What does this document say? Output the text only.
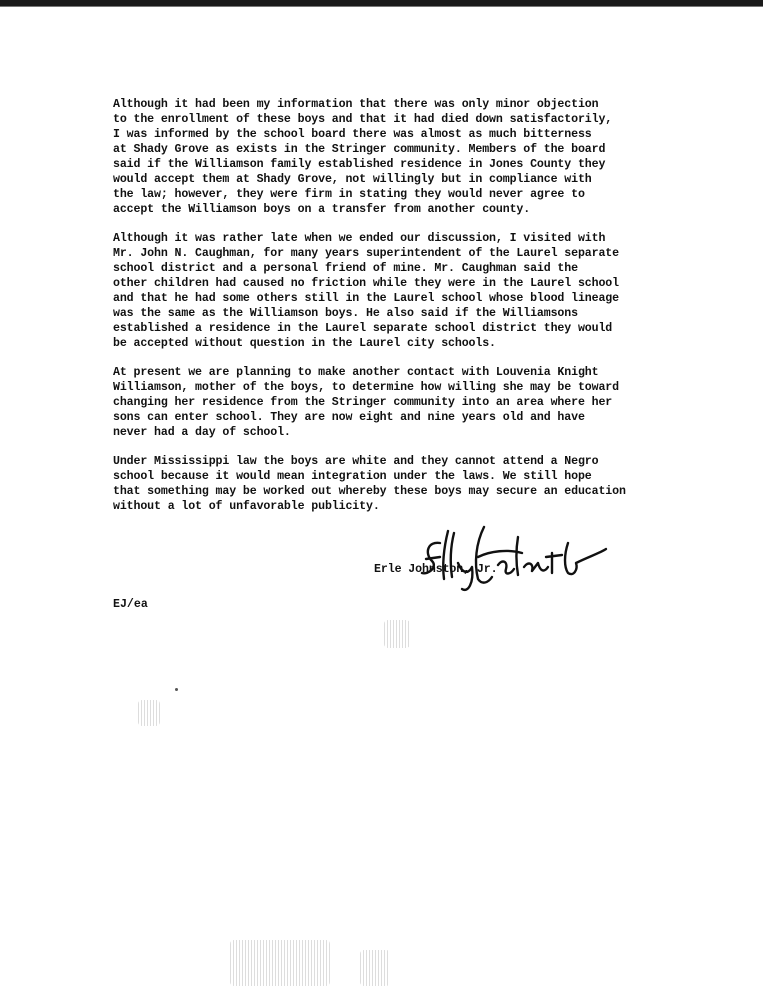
Although it had been my information that there was only minor objection
to the enrollment of these boys and that it had died down satisfactorily,
I was informed by the school board there was almost as much bitterness
at Shady Grove as exists in the Stringer community. Members of the board
said if the Williamson family established residence in Jones County they
would accept them at Shady Grove, not willingly but in compliance with
the law; however, they were firm in stating they would never agree to
accept the Williamson boys on a transfer from another county.

Although it was rather late when we ended our discussion, I visited with
Mr. John N. Caughman, for many years superintendent of the Laurel separate
school district and a personal friend of mine. Mr. Caughman said the
other children had caused no friction while they were in the Laurel school
and that he had some others still in the Laurel school whose blood lineage
was the same as the Williamson boys. He also said if the Williamsons
established a residence in the Laurel separate school district they would
be accepted without question in the Laurel city schools.

At present we are planning to make another contact with Louvenia Knight
Williamson, mother of the boys, to determine how willing she may be toward
changing her residence from the Stringer community into an area where her
sons can enter school. They are now eight and nine years old and have
never had a day of school.

Under Mississippi law the boys are white and they cannot attend a Negro
school because it would mean integration under the laws. We still hope
that something may be worked out whereby these boys may secure an education
without a lot of unfavorable publicity.

Erle Johnston, Jr.
EJ/ea
